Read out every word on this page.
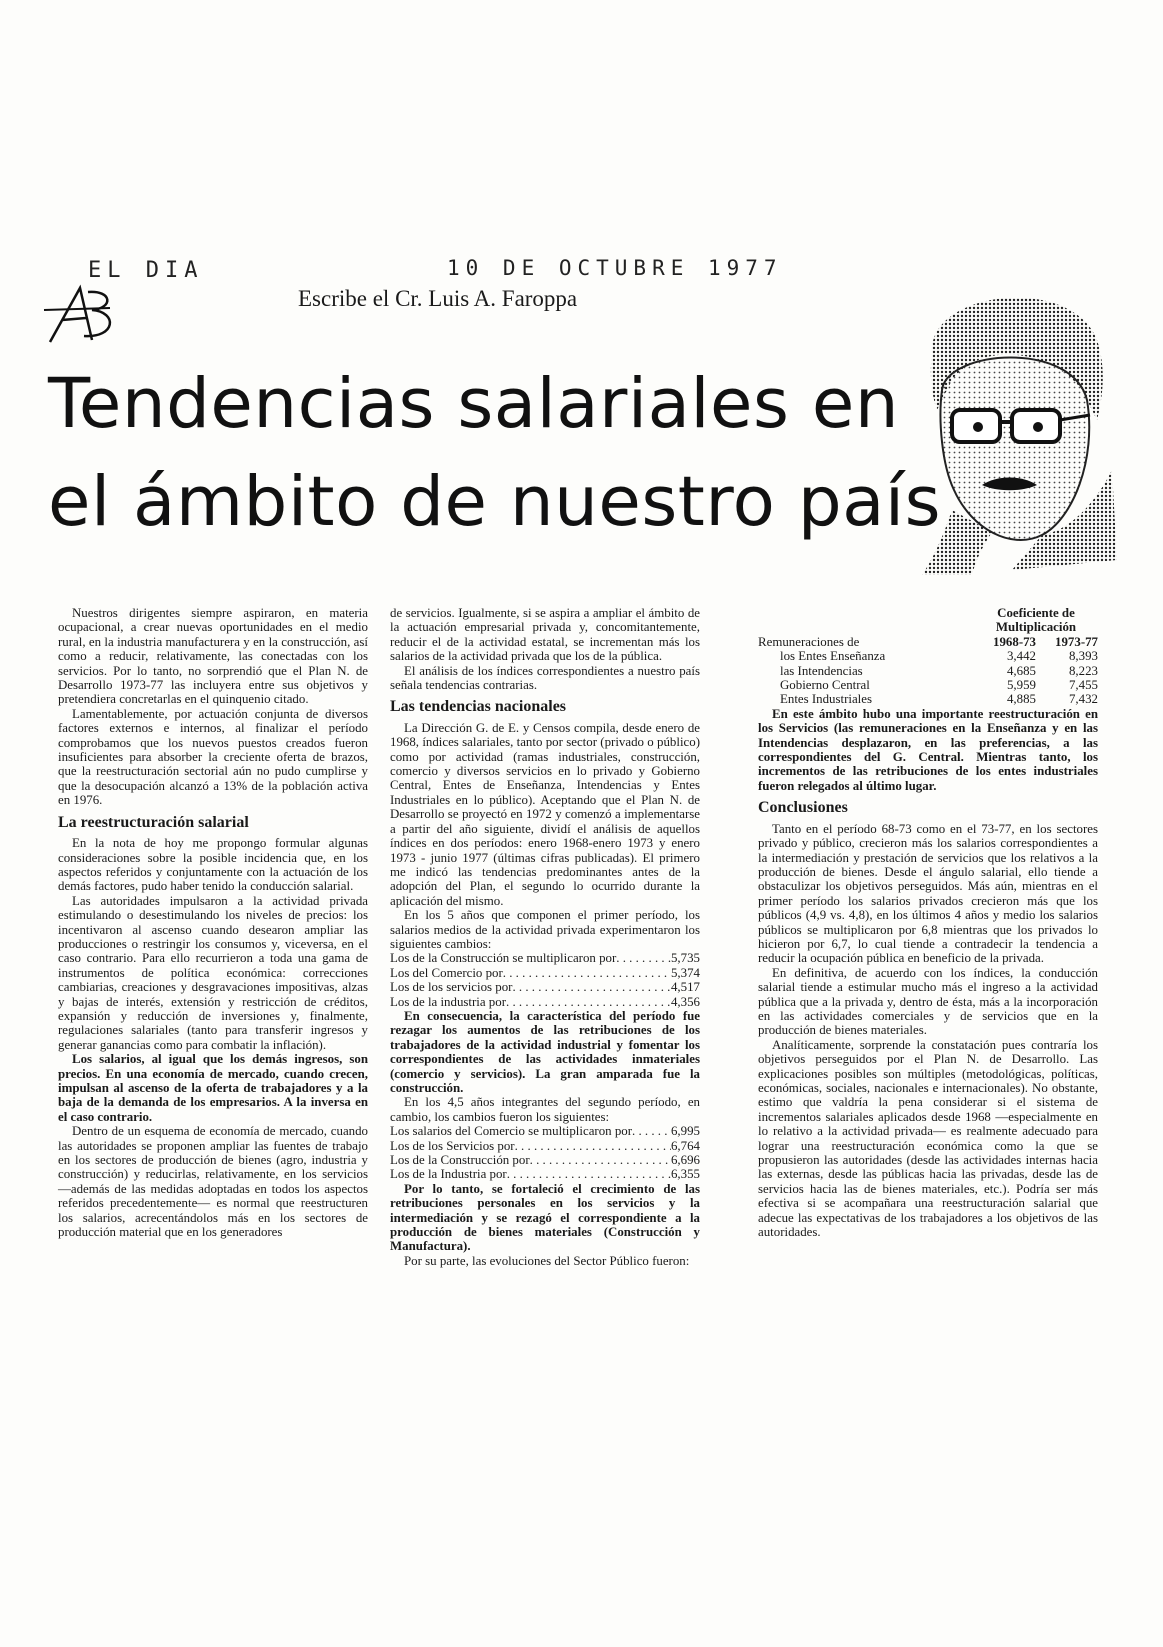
EL DIA	10 DE OCTUBRE 1977
Escribe el Cr. Luis A. Faroppa
Tendencias salariales en
el ámbito de nuestro país

Nuestros dirigentes siempre aspiraron, en materia ocupacional, a crear nuevas oportunidades en el medio rural, en la industria manufacturera y en la construcción, así como a reducir, relativamente, las conectadas con los servicios. Por lo tanto, no sorprendió que el Plan N. de Desarrollo 1973-77 las incluyera entre sus objetivos y pretendiera concretarlas en el quinquenio citado.

Lamentablemente, por actuación conjunta de diversos factores externos e internos, al finalizar el período comprobamos que los nuevos puestos creados fueron insuficientes para absorber la creciente oferta de brazos, que la reestructuración sectorial aún no pudo cumplirse y que la desocupación alcanzó a 13% de la población activa en 1976.

La reestructuración salarial

En la nota de hoy me propongo formular algunas consideraciones sobre la posible incidencia que, en los aspectos referidos y conjuntamente con la actuación de los demás factores, pudo haber tenido la conducción salarial.

Las autoridades impulsaron a la actividad privada estimulando o desestimulando los niveles de precios: los incentivaron al ascenso cuando desearon ampliar las producciones o restringir los consumos y, viceversa, en el caso contrario. Para ello recurrieron a toda una gama de instrumentos de política económica: correcciones cambiarias, creaciones y desgravaciones impositivas, alzas y bajas de interés, extensión y restricción de créditos, expansión y reducción de inversiones y, finalmente, regulaciones salariales (tanto para transferir ingresos y generar ganancias como para combatir la inflación).

Los salarios, al igual que los demás ingresos, son precios. En una economía de mercado, cuando crecen, impulsan al ascenso de la oferta de trabajadores y a la baja de la demanda de los empresarios. A la inversa en el caso contrario.

Dentro de un esquema de economía de mercado, cuando las autoridades se proponen ampliar las fuentes de trabajo en los sectores de producción de bienes (agro, industria y construcción) y reducirlas, relativamente, en los servicios —además de las medidas adoptadas en todos los aspectos referidos precedentemente— es normal que reestructuren los salarios, acrecentándolos más en los sectores de producción material que en los generadores

de servicios. Igualmente, si se aspira a ampliar el ámbito de la actuación empresarial privada y, concomitantemente, reducir el de la actividad estatal, se incrementan más los salarios de la actividad privada que los de la pública.

El análisis de los índices correspondientes a nuestro país señala tendencias contrarias.

Las tendencias nacionales

La Dirección G. de E. y Censos compila, desde enero de 1968, índices salariales, tanto por sector (privado o público) como por actividad (ramas industriales, construcción, comercio y diversos servicios en lo privado y Gobierno Central, Entes de Enseñanza, Intendencias y Entes Industriales en lo público). Aceptando que el Plan N. de Desarrollo se proyectó en 1972 y comenzó a implementarse a partir del año siguiente, dividí el análisis de aquellos índices en dos períodos: enero 1968-enero 1973 y enero 1973 - junio 1977 (últimas cifras publicadas). El primero me indicó las tendencias predominantes antes de la adopción del Plan, el segundo lo ocurrido durante la aplicación del mismo.

En los 5 años que componen el primer período, los salarios medios de la actividad privada experimentaron los siguientes cambios:

Los de la Construcción se multiplicaron por . . .	5,735
Los del Comercio por . . .	5,374
Los de los servicios por . . .	4,517
Los de la industria por . . .	4,356

En consecuencia, la característica del período fue rezagar los aumentos de las retribuciones de los trabajadores de la actividad industrial y fomentar los correspondientes de las actividades inmateriales (comercio y servicios). La gran amparada fue la construcción.

En los 4,5 años integrantes del segundo período, en cambio, los cambios fueron los siguientes:

Los salarios del Comercio se multiplicaron por . . .	6,995
Los de los Servicios por . . .	6,764
Los de la Construcción por . . .	6,696
Los de la Industria por . . .	6,355

Por lo tanto, se fortaleció el crecimiento de las retribuciones personales en los servicios y la intermediación y se rezagó el correspondiente a la producción de bienes materiales (Construcción y Manufactura).

Por su parte, las evoluciones del Sector Público fueron:

	Coeficiente de	
	Multiplicación	
Remuneraciones de	1968-73	1973-77
los Entes Enseñanza	3,442	8,393
las Intendencias	4,685	8,223
Gobierno Central	5,959	7,455
Entes Industriales	4,885	7,432

En este ámbito hubo una importante reestructuración en los Servicios (las remuneraciones en la Enseñanza y en las Intendencias desplazaron, en las preferencias, a las correspondientes del G. Central. Mientras tanto, los incrementos de las retribuciones de los entes industriales fueron relegados al último lugar.

Conclusiones

Tanto en el período 68-73 como en el 73-77, en los sectores privado y público, crecieron más los salarios correspondientes a la intermediación y prestación de servicios que los relativos a la producción de bienes. Desde el ángulo salarial, ello tiende a obstaculizar los objetivos perseguidos. Más aún, mientras en el primer período los salarios privados crecieron más que los públicos (4,9 vs. 4,8), en los últimos 4 años y medio los salarios públicos se multiplicaron por 6,8 mientras que los privados lo hicieron por 6,7, lo cual tiende a contradecir la tendencia a reducir la ocupación pública en beneficio de la privada.

En definitiva, de acuerdo con los índices, la conducción salarial tiende a estimular mucho más el ingreso a la actividad pública que a la privada y, dentro de ésta, más a la incorporación en las actividades comerciales y de servicios que en la producción de bienes materiales.

Analíticamente, sorprende la constatación pues contraría los objetivos perseguidos por el Plan N. de Desarrollo. Las explicaciones posibles son múltiples (metodológicas, políticas, económicas, sociales, nacionales e internacionales). No obstante, estimo que valdría la pena considerar si el sistema de incrementos salariales aplicados desde 1968 —especialmente en lo relativo a la actividad privada— es realmente adecuado para lograr una reestructuración económica como la que se propusieron las autoridades (desde las actividades internas hacia las externas, desde las públicas hacia las privadas, desde las de servicios hacia las de bienes materiales, etc.). Podría ser más efectiva si se acompañara una reestructuración salarial que adecue las expectativas de los trabajadores a los objetivos de las autoridades.
